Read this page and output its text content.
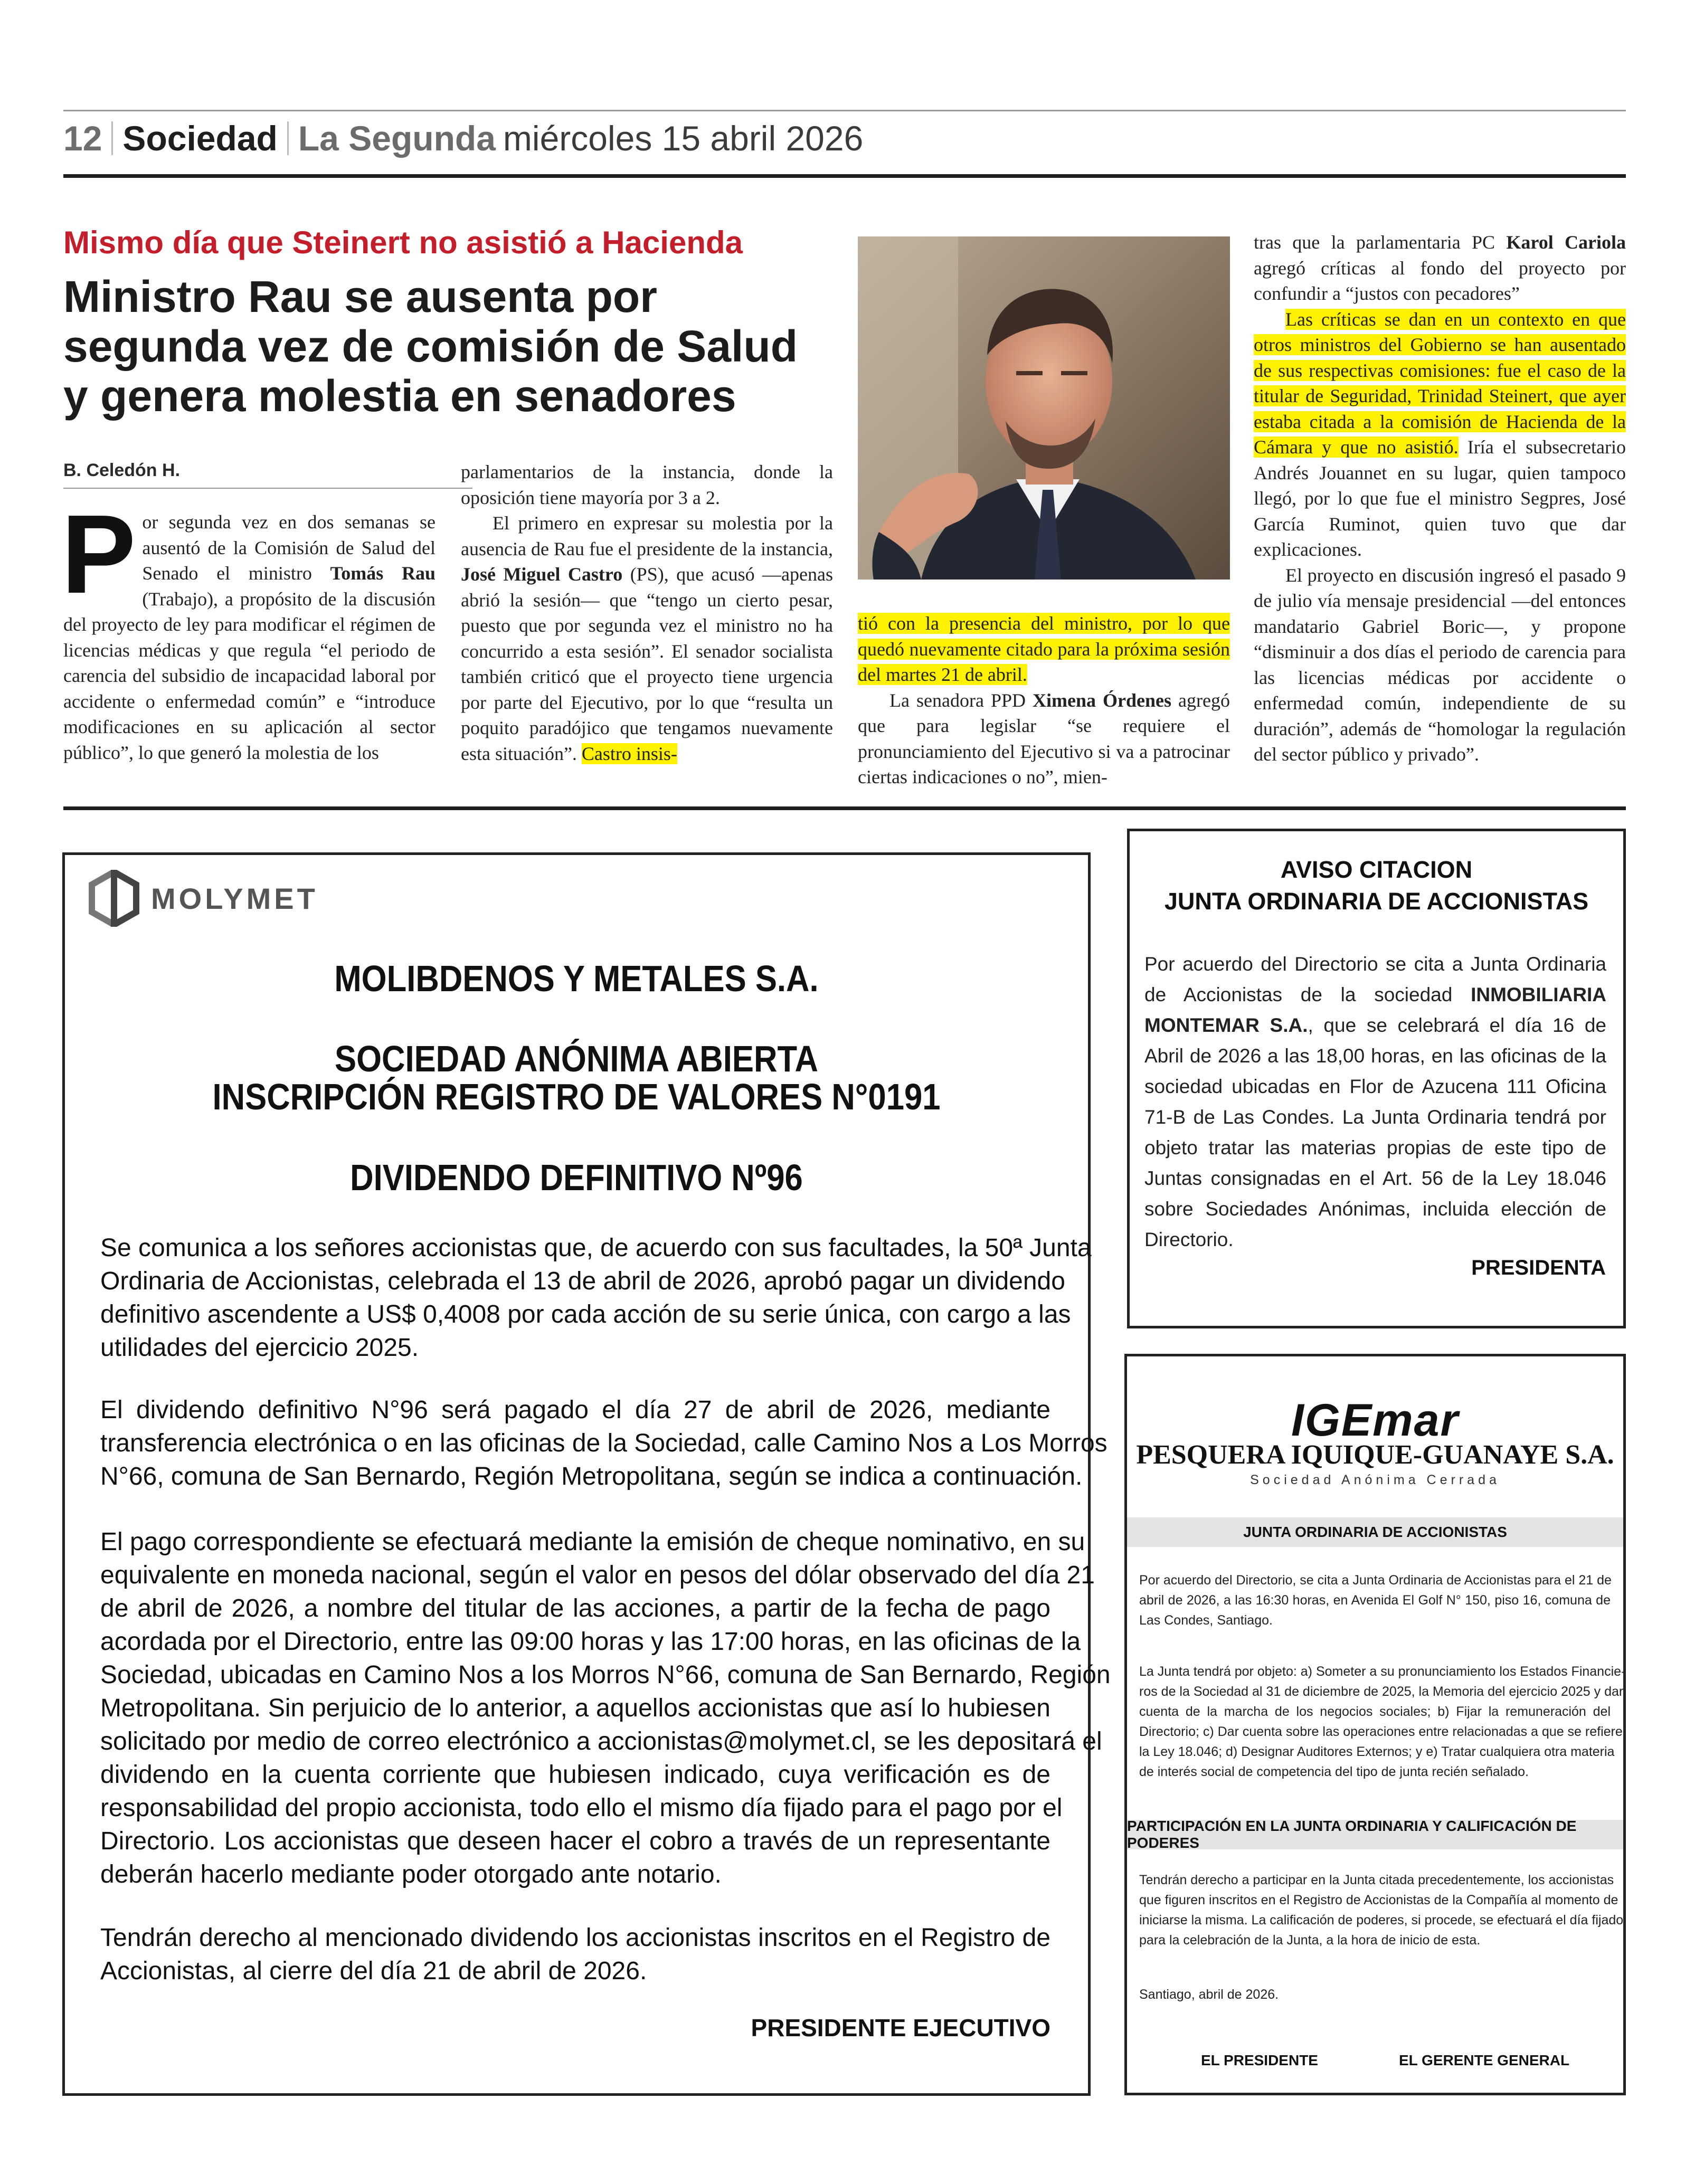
12 Sociedad La Segunda miércoles 15 abril 2026
Mismo día que Steinert no asistió a Hacienda
Ministro Rau se ausenta por
segunda vez de comisión de Salud
y genera molestia en senadores
B. Celedón H.

Por segunda vez en dos semanas se ausentó de la Comisión de Salud del Senado el ministro Tomás Rau (Trabajo), a propósito de la discusión del proyecto de ley para modificar el régimen de licencias médicas y que regula “el periodo de carencia del subsidio de incapacidad laboral por accidente o enfermedad común” e “introduce modificaciones en su aplicación al sector público”, lo que generó la molestia de los

parlamentarios de la instancia, donde la oposición tiene mayoría por 3 a 2.

El primero en expresar su molestia por la ausencia de Rau fue el presidente de la instancia, José Miguel Castro (PS), que acusó —apenas abrió la sesión— que “tengo un cierto pesar, puesto que por segunda vez el ministro no ha concurrido a esta sesión”. El senador socialista también criticó que el proyecto tiene urgencia por parte del Ejecutivo, por lo que “resulta un poquito paradójico que tengamos nuevamente esta situación”. Castro insis-

tió con la presencia del ministro, por lo que quedó nuevamente citado para la próxima sesión del martes 21 de abril.

La senadora PPD Ximena Órdenes agregó que para legislar “se requiere el pronunciamiento del Ejecutivo si va a patrocinar ciertas indicaciones o no”, mien-

tras que la parlamentaria PC Karol Cariola agregó críticas al fondo del proyecto por confundir a “justos con pecadores”

Las críticas se dan en un contexto en que otros ministros del Gobierno se han ausentado de sus respectivas comisiones: fue el caso de la titular de Seguridad, Trinidad Steinert, que ayer estaba citada a la comisión de Hacienda de la Cámara y que no asistió. Iría el subsecretario Andrés Jouannet en su lugar, quien tampoco llegó, por lo que fue el ministro Segpres, José García Ruminot, quien tuvo que dar explicaciones.

El proyecto en discusión ingresó el pasado 9 de julio vía mensaje presidencial —del entonces mandatario Gabriel Boric—, y propone “disminuir a dos días el periodo de carencia para las licencias médicas por accidente o enfermedad común, independiente de su duración”, además de “homologar la regulación del sector público y privado”.

MOLYMET
MOLIBDENOS Y METALES S.A.
SOCIEDAD ANÓNIMA ABIERTA
INSCRIPCIÓN REGISTRO DE VALORES N°0191
DIVIDENDO DEFINITIVO Nº96
Se comunica a los señores accionistas que, de acuerdo con sus facultades, la 50ª Junta
Ordinaria de Accionistas, celebrada el 13 de abril de 2026, aprobó pagar un dividendo
definitivo ascendente a US$ 0,4008 por cada acción de su serie única, con cargo a las
utilidades del ejercicio 2025.
El dividendo definitivo N°96 será pagado el día 27 de abril de 2026, mediante
transferencia electrónica o en las oficinas de la Sociedad, calle Camino Nos a Los Morros
N°66, comuna de San Bernardo, Región Metropolitana, según se indica a continuación.
El pago correspondiente se efectuará mediante la emisión de cheque nominativo, en su
equivalente en moneda nacional, según el valor en pesos del dólar observado del día 21
de abril de 2026, a nombre del titular de las acciones, a partir de la fecha de pago
acordada por el Directorio, entre las 09:00 horas y las 17:00 horas, en las oficinas de la
Sociedad, ubicadas en Camino Nos a los Morros N°66, comuna de San Bernardo, Región
Metropolitana. Sin perjuicio de lo anterior, a aquellos accionistas que así lo hubiesen
solicitado por medio de correo electrónico a accionistas@molymet.cl, se les depositará el
dividendo en la cuenta corriente que hubiesen indicado, cuya verificación es de
responsabilidad del propio accionista, todo ello el mismo día fijado para el pago por el
Directorio. Los accionistas que deseen hacer el cobro a través de un representante
deberán hacerlo mediante poder otorgado ante notario.
Tendrán derecho al mencionado dividendo los accionistas inscritos en el Registro de
Accionistas, al cierre del día 21 de abril de 2026.
PRESIDENTE EJECUTIVO
AVISO CITACION
JUNTA ORDINARIA DE ACCIONISTAS
Por acuerdo del Directorio se cita a Junta Ordinaria
de Accionistas de la sociedad INMOBILIARIA
MONTEMAR S.A., que se celebrará el día 16 de
Abril de 2026 a las 18,00 horas, en las oficinas de la
sociedad ubicadas en Flor de Azucena 111 Oficina
71-B de Las Condes. La Junta Ordinaria tendrá por
objeto tratar las materias propias de este tipo de
Juntas consignadas en el Art. 56 de la Ley 18.046
sobre Sociedades Anónimas, incluida elección de
Directorio.
PRESIDENTA
IGEmar
PESQUERA IQUIQUE-GUANAYE S.A.
Sociedad Anónima Cerrada
JUNTA ORDINARIA DE ACCIONISTAS
Por acuerdo del Directorio, se cita a Junta Ordinaria de Accionistas para el 21 de
abril de 2026, a las 16:30 horas, en Avenida El Golf N° 150, piso 16, comuna de
Las Condes, Santiago.
La Junta tendrá por objeto: a) Someter a su pronunciamiento los Estados Financie-
ros de la Sociedad al 31 de diciembre de 2025, la Memoria del ejercicio 2025 y dar
cuenta de la marcha de los negocios sociales; b) Fijar la remuneración del
Directorio; c) Dar cuenta sobre las operaciones entre relacionadas a que se refiere
la Ley 18.046; d) Designar Auditores Externos; y e) Tratar cualquiera otra materia
de interés social de competencia del tipo de junta recién señalado.
PARTICIPACIÓN EN LA JUNTA ORDINARIA Y CALIFICACIÓN DE PODERES
Tendrán derecho a participar en la Junta citada precedentemente, los accionistas
que figuren inscritos en el Registro de Accionistas de la Compañía al momento de
iniciarse la misma. La calificación de poderes, si procede, se efectuará el día fijado
para la celebración de la Junta, a la hora de inicio de esta.
Santiago, abril de 2026.
EL PRESIDENTE	EL GERENTE GENERAL
